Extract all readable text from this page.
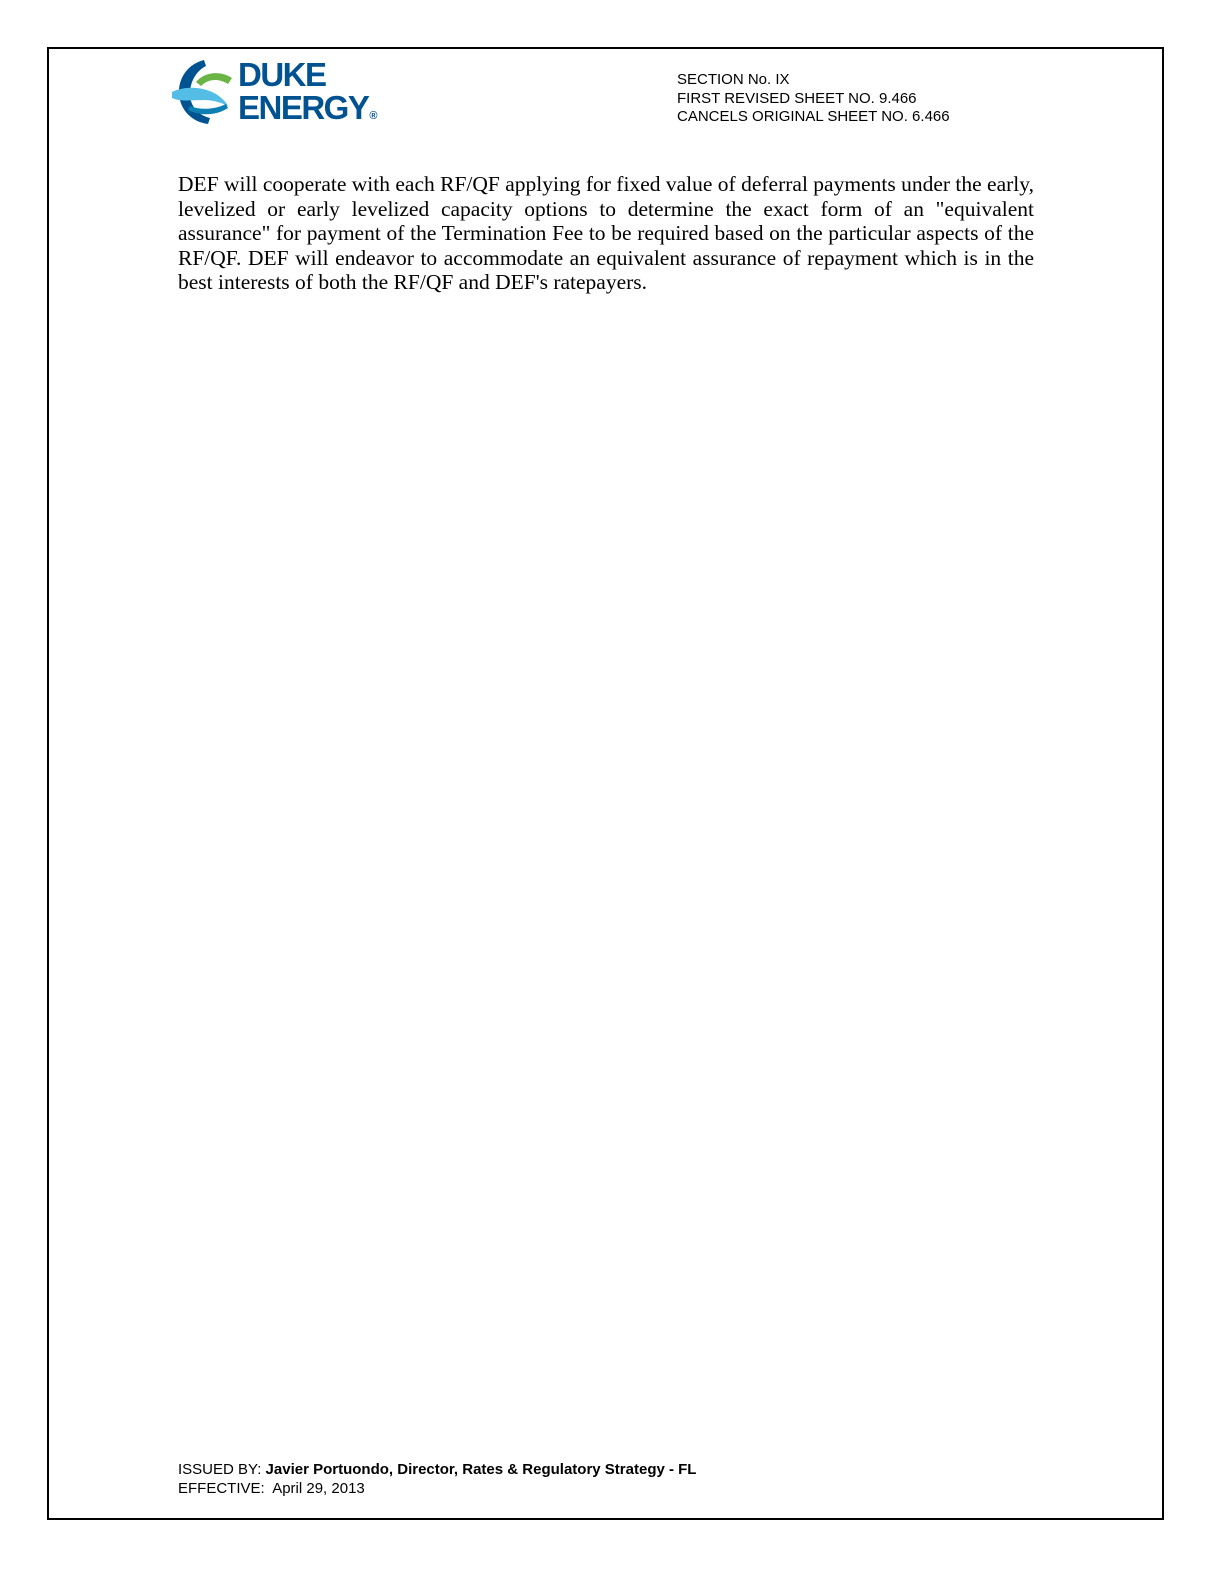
DUKE
ENERGY®
SECTION No. IX
FIRST REVISED SHEET NO. 9.466
CANCELS ORIGINAL SHEET NO. 6.466

DEF will cooperate with each RF/QF applying for fixed value of deferral payments under the early, levelized or early levelized capacity options to determine the exact form of an "equivalent assurance" for payment of the Termination Fee to be required based on the particular aspects of the RF/QF. DEF will endeavor to accommodate an equivalent assurance of repayment which is in the best interests of both the RF/QF and DEF's ratepayers.

ISSUED BY: Javier Portuondo, Director, Rates & Regulatory Strategy - FL
EFFECTIVE:  April 29, 2013
